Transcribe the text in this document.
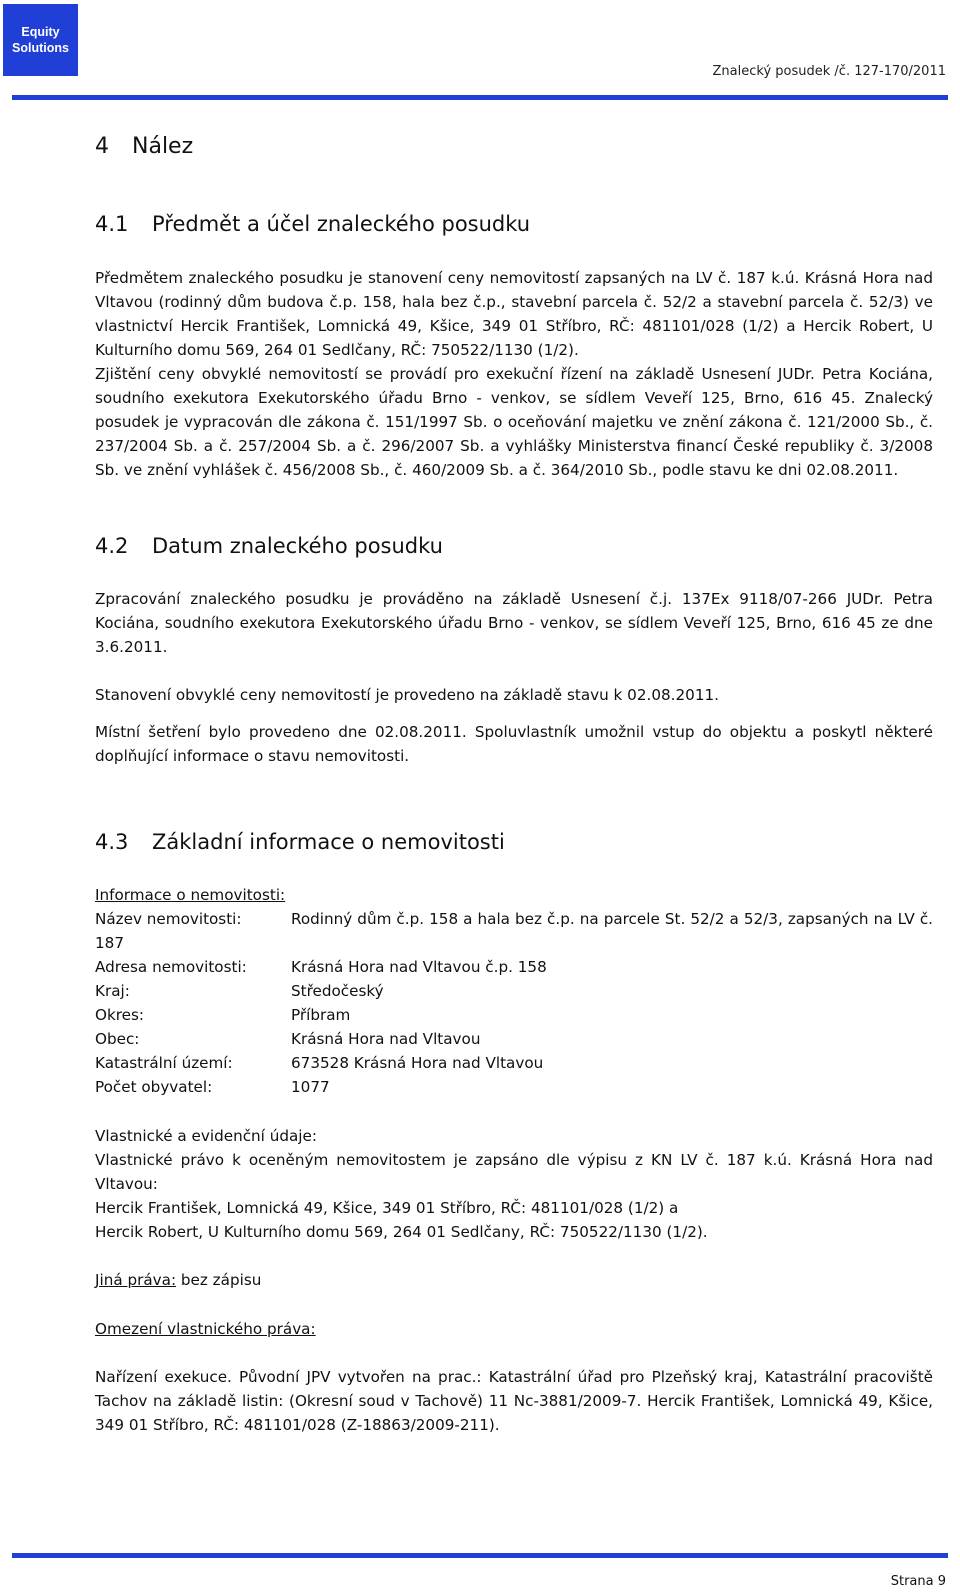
Equity
Solutions
Znalecký posudek /č. 127-170/2011
4 Nález
4.1 Předmět a účel znaleckého posudku

Předmětem znaleckého posudku je stanovení ceny nemovitostí zapsaných na LV č. 187 k.ú. Krásná Hora nad Vltavou (rodinný dům budova č.p. 158, hala bez č.p., stavební parcela č. 52/2 a stavební parcela č. 52/3) ve vlastnictví Hercik František, Lomnická 49, Kšice, 349 01 Stříbro, RČ: 481101/028 (1/2) a Hercik Robert, U Kulturního domu 569, 264 01 Sedlčany, RČ: 750522/1130 (1/2).

Zjištění ceny obvyklé nemovitostí se provádí pro exekuční řízení na základě Usnesení JUDr. Petra Kociána, soudního exekutora Exekutorského úřadu Brno - venkov, se sídlem Veveří 125, Brno, 616 45. Znalecký posudek je vypracován dle zákona č. 151/1997 Sb. o oceňování majetku ve znění zákona č. 121/2000 Sb., č. 237/2004 Sb. a č. 257/2004 Sb. a č. 296/2007 Sb. a vyhlášky Ministerstva financí České republiky č. 3/2008 Sb. ve znění vyhlášek č. 456/2008 Sb., č. 460/2009 Sb. a č. 364/2010 Sb., podle stavu ke dni 02.08.2011.

4.2 Datum znaleckého posudku

Zpracování znaleckého posudku je prováděno na základě Usnesení č.j. 137Ex 9118/07-266 JUDr. Petra Kociána, soudního exekutora Exekutorského úřadu Brno - venkov, se sídlem Veveří 125, Brno, 616 45 ze dne 3.6.2011.

Stanovení obvyklé ceny nemovitostí je provedeno na základě stavu k 02.08.2011.

Místní šetření bylo provedeno dne 02.08.2011. Spoluvlastník umožnil vstup do objektu a poskytl některé doplňující informace o stavu nemovitosti.

4.3 Základní informace o nemovitosti
Informace o nemovitosti:
Název nemovitosti:	Rodinný dům č.p. 158 a hala bez č.p. na parcele St. 52/2 a 52/3, zapsaných na LV č. 187
Adresa nemovitosti:	Krásná Hora nad Vltavou č.p. 158
Kraj:	Středočeský
Okres:	Příbram
Obec:	Krásná Hora nad Vltavou
Katastrální území:	673528 Krásná Hora nad Vltavou
Počet obyvatel:	1077
Vlastnické a evidenční údaje:

Vlastnické právo k oceněným nemovitostem je zapsáno dle výpisu z KN LV č. 187 k.ú. Krásná Hora nad Vltavou:

Hercik František, Lomnická 49, Kšice, 349 01 Stříbro, RČ: 481101/028 (1/2) a
Hercik Robert, U Kulturního domu 569, 264 01 Sedlčany, RČ: 750522/1130 (1/2).
Jiná práva: bez zápisu
Omezení vlastnického práva:

Nařízení exekuce. Původní JPV vytvořen na prac.: Katastrální úřad pro Plzeňský kraj, Katastrální pracoviště Tachov na základě listin: (Okresní soud v Tachově) 11 Nc-3881/2009-7. Hercik František, Lomnická 49, Kšice, 349 01 Stříbro, RČ: 481101/028 (Z-18863/2009-211).

Strana 9
